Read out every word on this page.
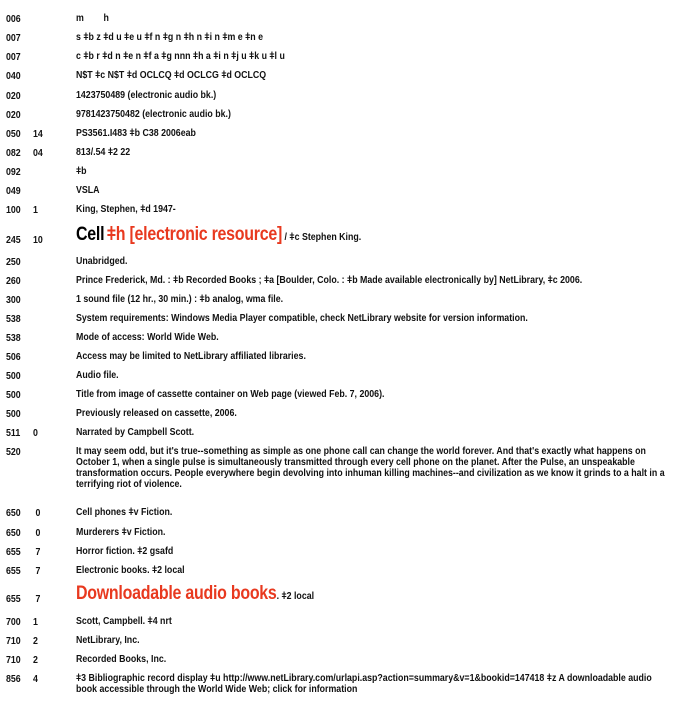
006	m        h
007	s ǂb z ǂd u ǂe u ǂf n ǂg n ǂh n ǂi n ǂm e ǂn e
007	c ǂb r ǂd n ǂe n ǂf a ǂg nnn ǂh a ǂi n ǂj u ǂk u ǂl u
040	N$T ǂc N$T ǂd OCLCQ ǂd OCLCG ǂd OCLCQ
020	1423750489 (electronic audio bk.)
020	9781423750482 (electronic audio bk.)
050	14	PS3561.I483 ǂb C38 2006eab
082	04	813/.54 ǂ2 22
092	ǂb
049	VSLA
100	1	King, Stephen, ǂd 1947-
245	10	Cell ǂh [electronic resource] / ǂc Stephen King.
250	Unabridged.
260	Prince Frederick, Md. : ǂb Recorded Books ; ǂa [Boulder, Colo. : ǂb Made available electronically by] NetLibrary, ǂc 2006.
300	1 sound file (12 hr., 30 min.) : ǂb analog, wma file.
538	System requirements: Windows Media Player compatible, check NetLibrary website for version information.
538	Mode of access: World Wide Web.
506	Access may be limited to NetLibrary affiliated libraries.
500	Audio file.
500	Title from image of cassette container on Web page (viewed Feb. 7, 2006).
500	Previously released on cassette, 2006.
511	0	Narrated by Campbell Scott.
520	It may seem odd, but it's true--something as simple as one phone call can change the world forever. And that's exactly what happens on October 1, when a single pulse is simultaneously transmitted through every cell phone on the planet. After the Pulse, an unspeakable transformation occurs. People everywhere begin devolving into inhuman killing machines--and civilization as we know it grinds to a halt in a terrifying riot of violence.
650	0	Cell phones ǂv Fiction.
650	0	Murderers ǂv Fiction.
655	7	Horror fiction. ǂ2 gsafd
655	7	Electronic books. ǂ2 local
655	7	Downloadable audio books. ǂ2 local
700	1	Scott, Campbell. ǂ4 nrt
710	2	NetLibrary, Inc.
710	2	Recorded Books, Inc.
856	4	ǂ3 Bibliographic record display ǂu http://www.netLibrary.com/urlapi.asp?action=summary&v=1&bookid=147418 ǂz A downloadable audio book accessible through the World Wide Web; click for information
